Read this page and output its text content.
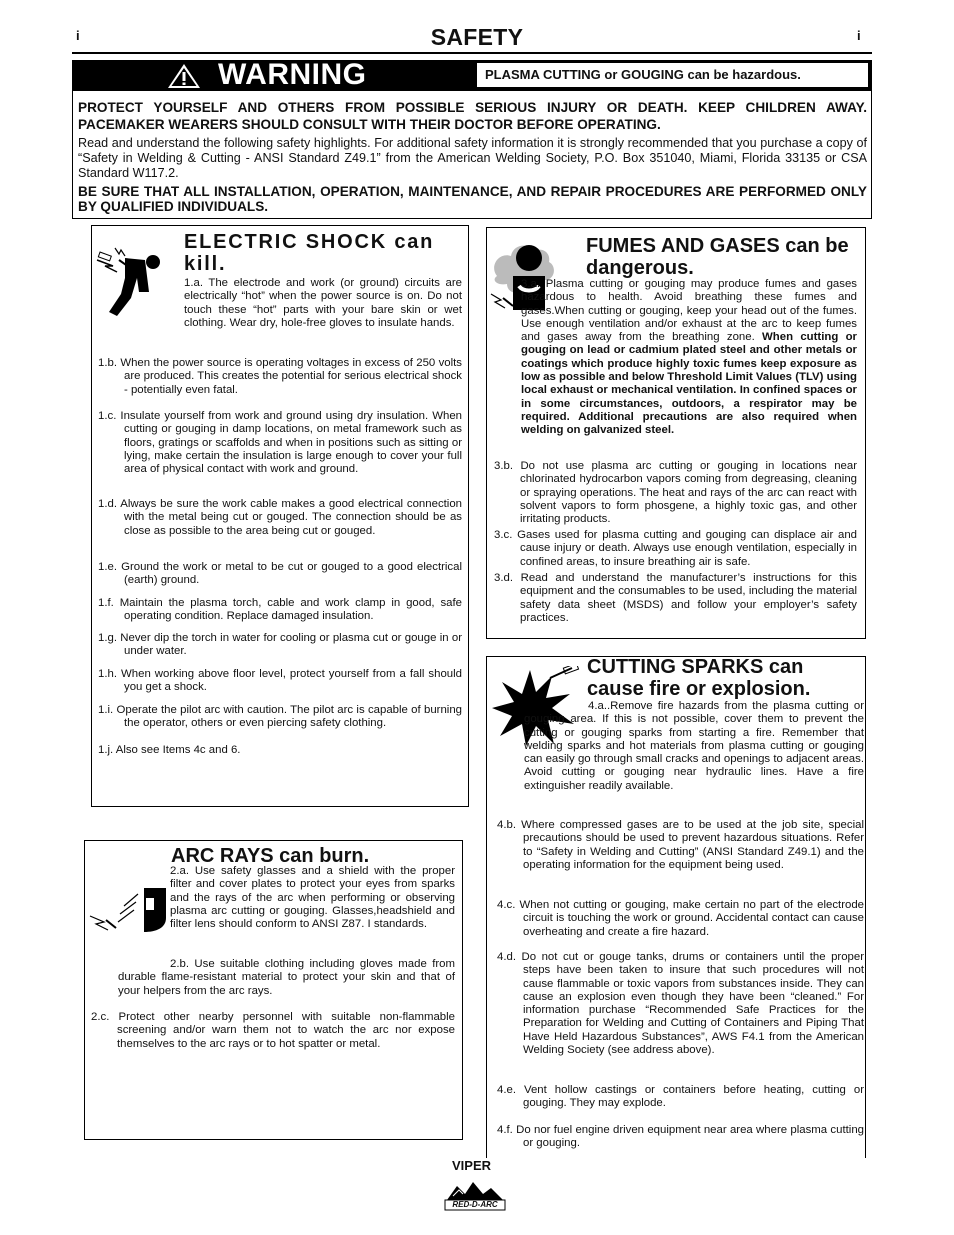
i	i
SAFETY
WARNING	PLASMA CUTTING or GOUGING can be hazardous.
PROTECT YOURSELF AND OTHERS FROM POSSIBLE SERIOUS INJURY OR DEATH. KEEP CHILDREN AWAY. PACEMAKER WEARERS SHOULD CONSULT WITH THEIR DOCTOR BEFORE OPERATING.
Read and understand the following safety highlights. For additional safety information it is strongly recommended that you purchase a copy of “Safety in Welding & Cutting - ANSI Standard Z49.1” from the American Welding Society, P.O. Box 351040, Miami, Florida 33135 or CSA Standard W117.2.
BE SURE THAT ALL INSTALLATION, OPERATION, MAINTENANCE, AND REPAIR PROCEDURES ARE PERFORMED ONLY BY QUALIFIED INDIVIDUALS.
ELECTRIC SHOCK can kill.
1.a. The electrode and work (or ground) circuits are electrically “hot” when the power source is on. Do not touch these “hot” parts with your bare skin or wet clothing. Wear dry, hole-free gloves to insulate hands.
1.b. When the power source is operating voltages in excess of 250 volts are produced. This creates the potential for serious electrical shock - potentially even fatal.
1.c. Insulate yourself from work and ground using dry insulation. When cutting or gouging in damp locations, on metal framework such as floors, gratings or scaffolds and when in positions such as sitting or lying, make certain the insulation is large enough to cover your full area of physical contact with work and ground.
1.d. Always be sure the work cable makes a good electrical connection with the metal being cut or gouged. The connection should be as close as possible to the area being cut or gouged.
1.e. Ground the work or metal to be cut or gouged to a good electrical (earth) ground.
1.f. Maintain the plasma torch, cable and work clamp in good, safe operating condition. Replace damaged insulation.
1.g. Never dip the torch in water for cooling or plasma cut or gouge in or under water.
1.h. When working above floor level, protect yourself from a fall should you get a shock.
1.i. Operate the pilot arc with caution. The pilot arc is capable of burning the operator, others or even piercing safety clothing.
1.j. Also see Items 4c and 6.
ARC RAYS can burn.
2.a. Use safety glasses and a shield with the proper filter and cover plates to protect your eyes from sparks and the rays of the arc when performing or observing plasma arc cutting or gouging. Glasses,headshield and filter lens should conform to ANSI Z87. I standards.
2.b. Use suitable clothing including gloves made from durable flame-resistant material to protect your skin and that of your helpers from the arc rays.
2.c. Protect other nearby personnel with suitable non-flammable screening and/or warn them not to watch the arc nor expose themselves to the arc rays or to hot spatter or metal.
FUMES AND GASES can be dangerous.
3.a. Plasma cutting or gouging may produce fumes and gases hazardous to health. Avoid breathing these fumes and gases.When cutting or gouging, keep your head out of the fumes. Use enough ventilation and/or exhaust at the arc to keep fumes and gases away from the breathing zone. When cutting or gouging on lead or cadmium plated steel and other metals or coatings which produce highly toxic fumes keep exposure as low as possible and below Threshold Limit Values (TLV) using local exhaust or mechanical ventilation. In confined spaces or in some circumstances, outdoors, a respirator may be required. Additional precautions are also required when welding on galvanized steel.
3.b. Do not use plasma arc cutting or gouging in locations near chlorinated hydrocarbon vapors coming from degreasing, cleaning or spraying operations. The heat and rays of the arc can react with solvent vapors to form phosgene, a highly toxic gas, and other irritating products.
3.c. Gases used for plasma cutting and gouging can displace air and cause injury or death. Always use enough ventilation, especially in confined areas, to insure breathing air is safe.
3.d. Read and understand the manufacturer’s instructions for this equipment and the consumables to be used, including the material safety data sheet (MSDS) and follow your employer’s safety practices.
CUTTING SPARKS can cause fire or explosion.
4.a..Remove fire hazards from the plasma cutting or gouging area. If this is not possible, cover them to prevent the cutting or gouging sparks from starting a fire. Remember that welding sparks and hot materials from plasma cutting or gouging can easily go through small cracks and openings to adjacent areas. Avoid cutting or gouging near hydraulic lines. Have a fire extinguisher readily available.
4.b. Where compressed gases are to be used at the job site, special precautions should be used to prevent hazardous situations. Refer to “Safety in Welding and Cutting” (ANSI Standard Z49.1) and the operating information for the equipment being used.
4.c. When not cutting or gouging, make certain no part of the electrode circuit is touching the work or ground. Accidental contact can cause overheating and create a fire hazard.
4.d. Do not cut or gouge tanks, drums or containers until the proper steps have been taken to insure that such procedures will not cause flammable or toxic vapors from substances inside. They can cause an explosion even though they have been “cleaned.” For information purchase “Recommended Safe Practices for the Preparation for Welding and Cutting of Containers and Piping That Have Held Hazardous Substances”, AWS F4.1 from the American Welding Society (see address above).
4.e. Vent hollow castings or containers before heating, cutting or gouging. They may explode.
4.f. Do nor fuel engine driven equipment near area where plasma cutting or gouging.
VIPER
RED-D-ARC
